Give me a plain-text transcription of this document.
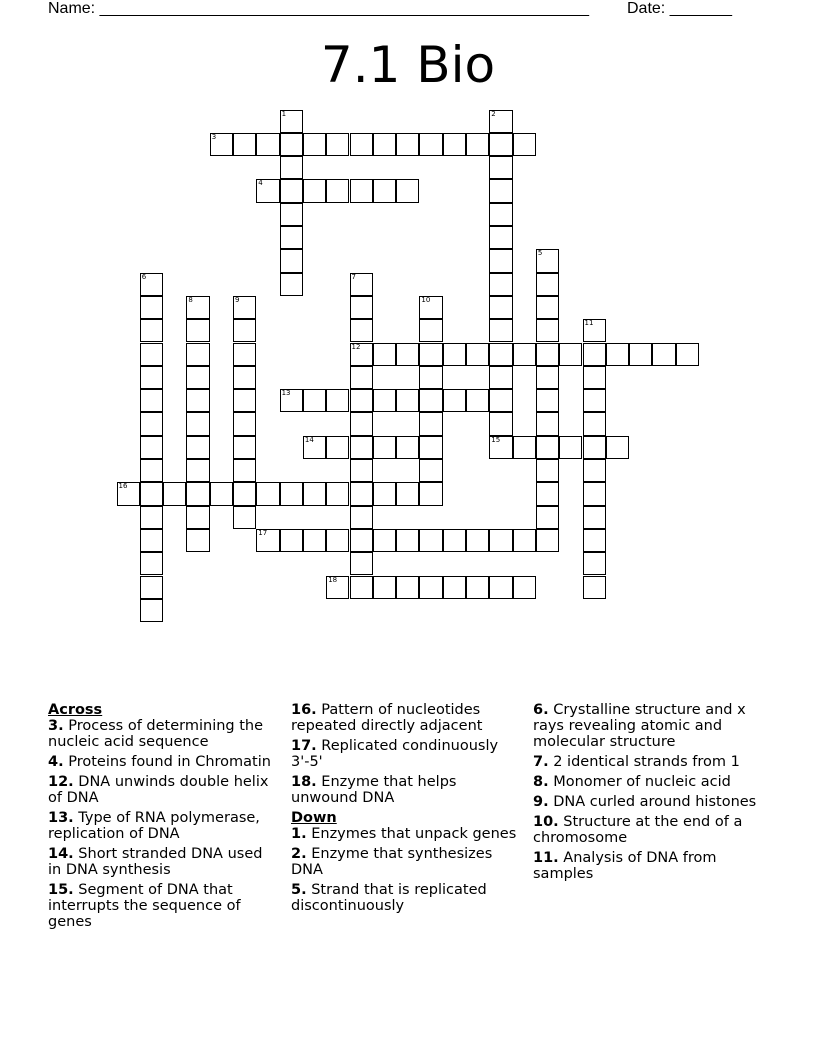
Name: _______________________________________________________ Date: _______
7.1 Bio
1	2
3
4
5
6	7
12
8	9	10
11
13
14	15
16
17
18
Across
3. Process of determining the nucleic acid sequence
4. Proteins found in Chromatin
12. DNA unwinds double helix of DNA
13. Type of RNA polymerase, replication of DNA
14. Short stranded DNA used in DNA synthesis
15. Segment of DNA that interrupts the sequence of genes
16. Pattern of nucleotides repeated directly adjacent
17. Replicated condinuously 3'-5'
18. Enzyme that helps unwound DNA
Down
1. Enzymes that unpack genes
2. Enzyme that synthesizes DNA
5. Strand that is replicated discontinuously
6. Crystalline structure and x rays revealing atomic and molecular structure
7. 2 identical strands from 1
8. Monomer of nucleic acid
9. DNA curled around histones
10. Structure at the end of a chromosome
11. Analysis of DNA from samples
